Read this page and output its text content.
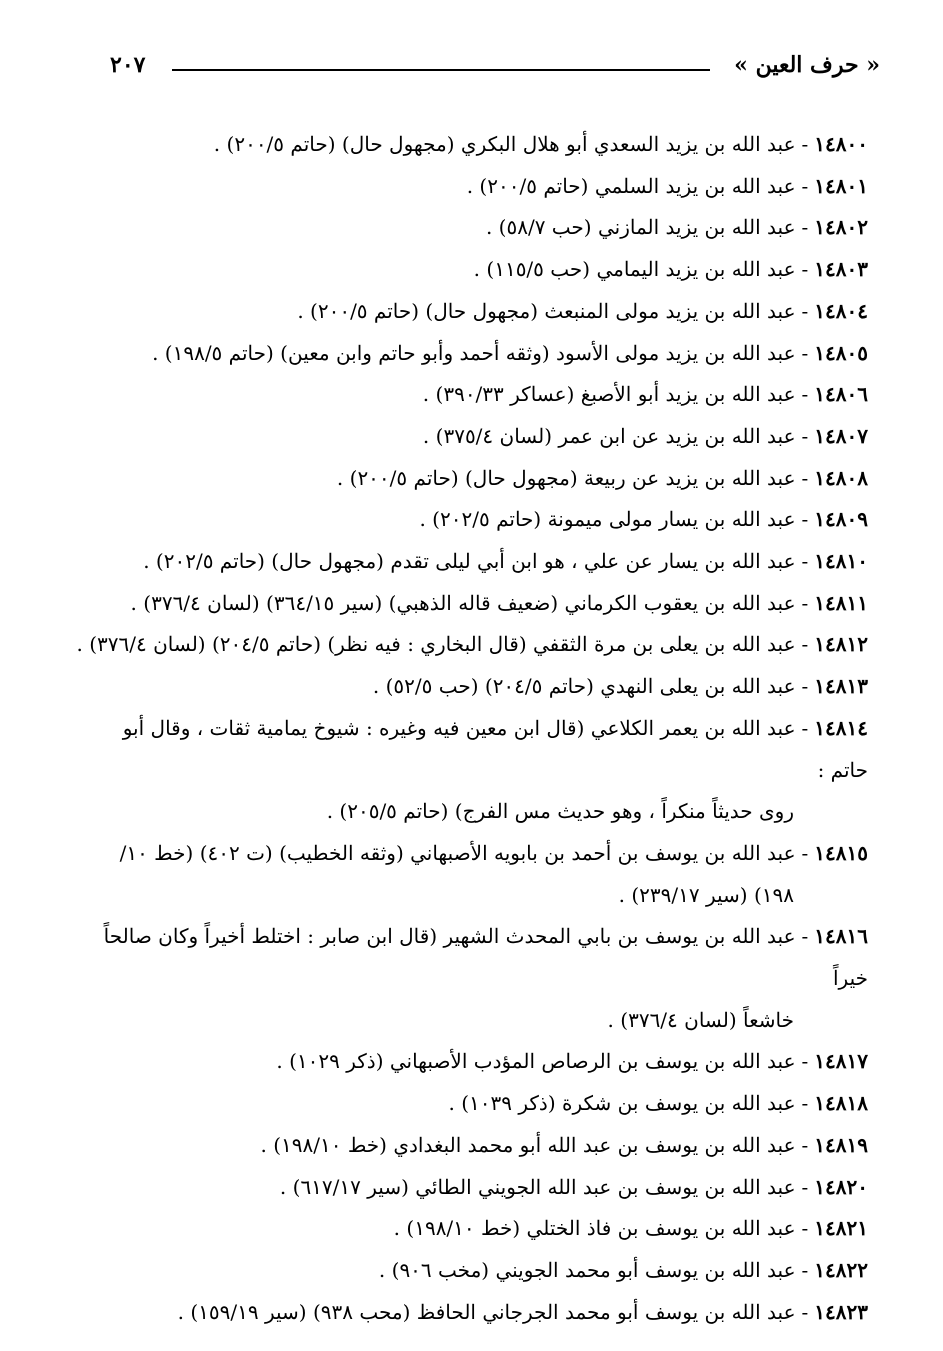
« حرف العين »
٢٠٧
١٤٨٠٠-عبد الله بن يزيد السعدي أبو هلال البكري (مجهول حال) (حاتم ٢٠٠/٥) .
١٤٨٠١-عبد الله بن يزيد السلمي (حاتم ٢٠٠/٥) .
١٤٨٠٢-عبد الله بن يزيد المازني (حب ٥٨/٧) .
١٤٨٠٣-عبد الله بن يزيد اليمامي (حب ١١٥/٥) .
١٤٨٠٤-عبد الله بن يزيد مولى المنبعث (مجهول حال) (حاتم ٢٠٠/٥) .
١٤٨٠٥-عبد الله بن يزيد مولى الأسود (وثقه أحمد وأبو حاتم وابن معين) (حاتم ١٩٨/٥) .
١٤٨٠٦-عبد الله بن يزيد أبو الأصبغ (عساكر ٣٩٠/٣٣) .
١٤٨٠٧-عبد الله بن يزيد عن ابن عمر (لسان ٣٧٥/٤) .
١٤٨٠٨-عبد الله بن يزيد عن ربيعة (مجهول حال) (حاتم ٢٠٠/٥) .
١٤٨٠٩-عبد الله بن يسار مولى ميمونة (حاتم ٢٠٢/٥) .
١٤٨١٠-عبد الله بن يسار عن علي ، هو ابن أبي ليلى تقدم (مجهول حال) (حاتم ٢٠٢/٥) .
١٤٨١١-عبد الله بن يعقوب الكرماني (ضعيف قاله الذهبي) (سير ٣٦٤/١٥) (لسان ٣٧٦/٤) .
١٤٨١٢-عبد الله بن يعلى بن مرة الثقفي (قال البخاري : فيه نظر) (حاتم ٢٠٤/٥) (لسان ٣٧٦/٤) .
١٤٨١٣-عبد الله بن يعلى النهدي (حاتم ٢٠٤/٥) (حب ٥٢/٥) .
١٤٨١٤-عبد الله بن يعمر الكلاعي (قال ابن معين فيه وغيره : شيوخ يمامية ثقات ، وقال أبو حاتم :
روى حديثاً منكراً ، وهو حديث مس الفرج) (حاتم ٢٠٥/٥) .
١٤٨١٥-عبد الله بن يوسف بن أحمد بن بابويه الأصبهاني (وثقه الخطيب) (ت ٤٠٢) (خط ١٠/
١٩٨) (سير ٢٣٩/١٧) .
١٤٨١٦-عبد الله بن يوسف بن بابي المحدث الشهير (قال ابن صابر : اختلط أخيراً وكان صالحاً خيراً
خاشعاً (لسان ٣٧٦/٤) .
١٤٨١٧-عبد الله بن يوسف بن الرصاص المؤدب الأصبهاني (ذكر ١٠٢٩) .
١٤٨١٨-عبد الله بن يوسف بن شكرة (ذكر ١٠٣٩) .
١٤٨١٩-عبد الله بن يوسف بن عبد الله أبو محمد البغدادي (خط ١٩٨/١٠) .
١٤٨٢٠-عبد الله بن يوسف بن عبد الله الجويني الطائي (سير ٦١٧/١٧) .
١٤٨٢١-عبد الله بن يوسف بن فاذ الختلي (خط ١٩٨/١٠) .
١٤٨٢٢-عبد الله بن يوسف أبو محمد الجويني (مخب ٩٠٦) .
١٤٨٢٣-عبد الله بن يوسف أبو محمد الجرجاني الحافظ (محب ٩٣٨) (سير ١٥٩/١٩) .
